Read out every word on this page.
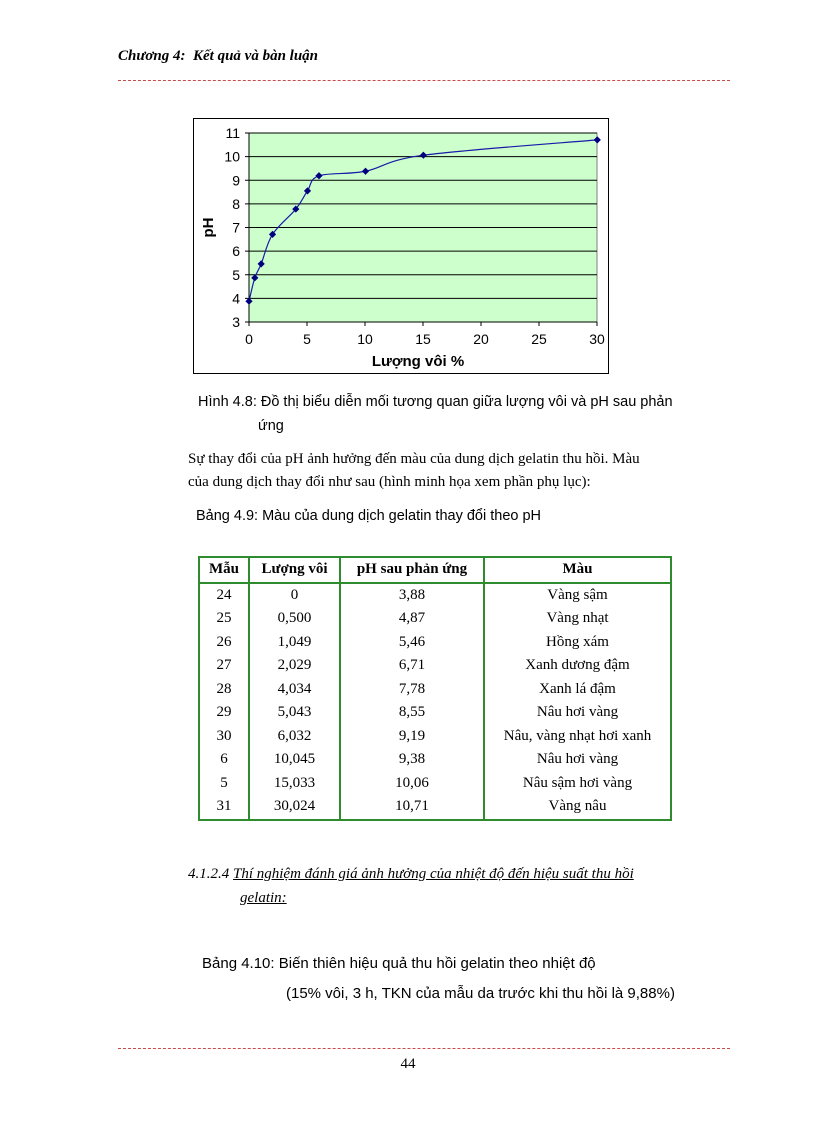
Chương 4: Kết quả và bàn luận
3
4
5
6
7
8
9
10
11
0	5	10	15	20	25	30
Lượng vôi %
pH
Hình 4.8: Đồ thị biểu diễn mối tương quan giữa lượng vôi và pH sau phản
ứng
Sự thay đổi của pH ảnh hưởng đến màu của dung dịch gelatin thu hồi. Màu
của dung dịch thay đổi như sau (hình minh họa xem phần phụ lục):
Bảng 4.9: Màu của dung dịch gelatin thay đổi theo pH
Mẫu	Lượng vôi	pH sau phản ứng	Màu
24	0	3,88	Vàng sậm
25	0,500	4,87	Vàng nhạt
26	1,049	5,46	Hồng xám
27	2,029	6,71	Xanh dương đậm
28	4,034	7,78	Xanh lá đậm
29	5,043	8,55	Nâu hơi vàng
30	6,032	9,19	Nâu, vàng nhạt hơi xanh
6	10,045	9,38	Nâu hơi vàng
5	15,033	10,06	Nâu sậm hơi vàng
31	30,024	10,71	Vàng nâu
4.1.2.4 Thí nghiệm đánh giá ảnh hưởng của nhiệt độ đến hiệu suất thu hồi
gelatin:
Bảng 4.10: Biến thiên hiệu quả thu hồi gelatin theo nhiệt độ
(15% vôi, 3 h, TKN của mẫu da trước khi thu hồi là 9,88%)
44
